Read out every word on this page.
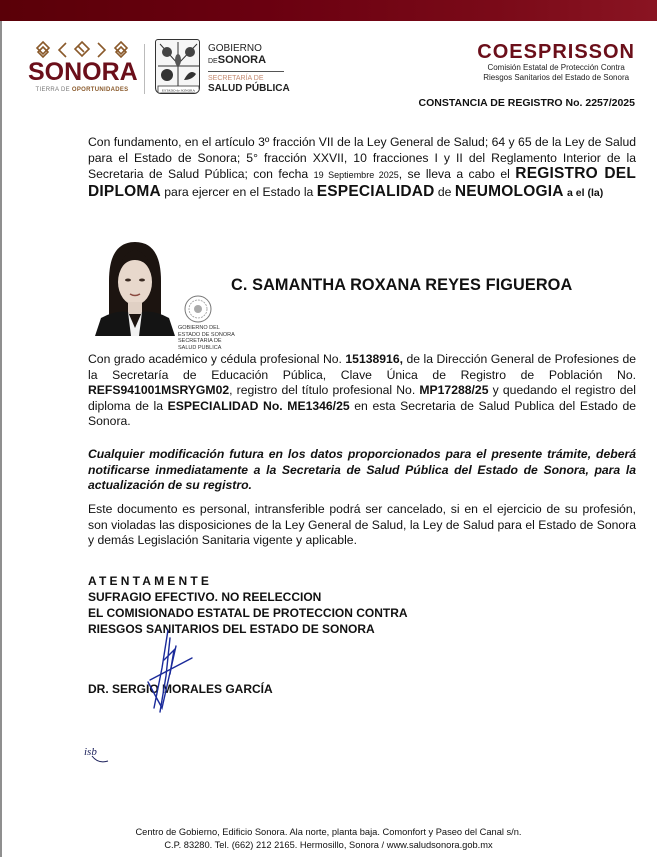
SONORA
TIERRA DE OPORTUNIDADES	ESTADO de SONORA
GOBIERNO
DESONORA
SECRETARÍA DE
SALUD PÚBLICA
COESPRISSON
Comisión Estatal de Protección Contra
Riesgos Sanitarios del Estado de Sonora
CONSTANCIA DE REGISTRO No. 2257/2025
Con fundamento, en el artículo 3º fracción VII de la Ley General de Salud; 64 y 65 de la Ley de Salud para el Estado de Sonora; 5° fracción XXVII, 10 fracciones I y II del Reglamento Interior de la Secretaria de Salud Pública; con fecha 19 Septiembre 2025, se lleva a cabo el REGISTRO DEL DIPLOMA para ejercer en el Estado la ESPECIALIDAD de NEUMOLOGIA a el (la)
GOBIERNO DEL
ESTADO DE SONORA
SECRETARIA DE SALUD PUBLICA
C. SAMANTHA ROXANA REYES FIGUEROA
Con grado académico y cédula profesional No. 15138916, de la Dirección General de Profesiones de la Secretaría de Educación Pública, Clave Única de Registro de Población No. REFS941001MSRYGM02, registro del título profesional No. MP17288/25 y quedando el registro del diploma de la ESPECIALIDAD No. ME1346/25 en esta Secretaria de Salud Publica del Estado de Sonora.
Cualquier modificación futura en los datos proporcionados para el presente trámite, deberá notificarse inmediatamente a la Secretaria de Salud Pública del Estado de Sonora, para la actualización de su registro.
Este documento es personal, intransferible podrá ser cancelado, si en el ejercicio de su profesión, son violadas las disposiciones de la Ley General de Salud, la Ley de Salud para el Estado de Sonora y demás Legislación Sanitaria vigente y aplicable.
ATENTAMENTE
SUFRAGIO EFECTIVO. NO REELECCION
EL COMISIONADO ESTATAL DE PROTECCION CONTRA
RIESGOS SANITARIOS DEL ESTADO DE SONORA
DR. SERGIO MORALES GARCÍA
isb
Centro de Gobierno, Edificio Sonora. Ala norte, planta baja. Comonfort y Paseo del Canal s/n.
C.P. 83280. Tel. (662) 212 2165. Hermosillo, Sonora / www.saludsonora.gob.mx
